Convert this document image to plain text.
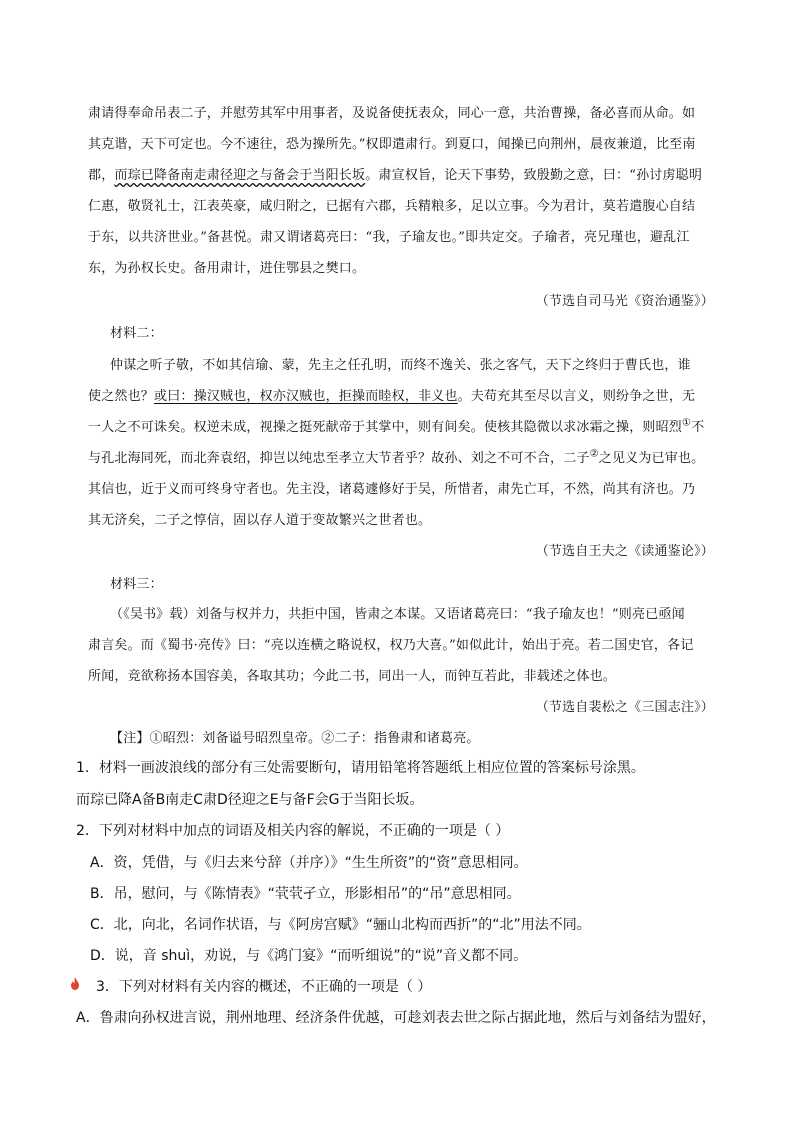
肃请得奉命吊表二子，并慰劳其军中用事者，及说备使抚表众，同心一意，共治曹操，备必喜而从命。如
其克谐，天下可定也。今不速往，恐为操所先。”权即遣肃行。到夏口，闻操已向荆州，晨夜兼道，比至南
郡，而琮已降备南走肃径迎之与备会于当阳长坂。肃宣权旨，论天下事势，致殷勤之意，曰：“孙讨虏聪明
仁惠，敬贤礼士，江表英豪，咸归附之，已据有六郡，兵精粮多，足以立事。今为君计，莫若遣腹心自结
于东，以共济世业。”备甚悦。肃又谓诸葛亮曰：“我，子瑜友也。”即共定交。子瑜者，亮兄瑾也，避乱江
东，为孙权长史。备用肃计，进住鄂县之樊口。
（节选自司马光《资治通鉴》）
材料二：
仲谋之听子敬，不如其信瑜、蒙，先主之任孔明，而终不逸关、张之客气，天下之终归于曹氏也，谁
使之然也？或曰：操汉贼也，权亦汉贼也，拒操而睦权，非义也。夫苟充其至尽以言义，则纷争之世，无
一人之不可诛矣。权逆未成，视操之挺死献帝于其掌中，则有间矣。使核其隐微以求冰霜之操，则昭烈①不
与孔北海同死，而北奔袁绍，抑岂以纯忠至孝立大节者乎？故孙、刘之不可不合，二子②之见义为已审也。
其信也，近于义而可终身守者也。先主没，诸葛遽修好于吴，所惜者，肃先亡耳，不然，尚其有济也。乃
其无济矣，二子之惇信，固以存人道于变故繁兴之世者也。
（节选自王夫之《读通鉴论》）
材料三：
（《吴书》载）刘备与权并力，共拒中国，皆肃之本谋。又语诸葛亮曰：“我子瑜友也！”则亮已亟闻
肃言矣。而《蜀书·亮传》曰：“亮以连横之略说权，权乃大喜。”如似此计，始出于亮。若二国史官，各记
所闻，竞欲称扬本国容美，各取其功；今此二书，同出一人，而钟互若此，非载述之体也。
（节选自裴松之《三国志注》）
【注】①昭烈：刘备谥号昭烈皇帝。②二子：指鲁肃和诸葛亮。
1．材料一画波浪线的部分有三处需要断句，请用铅笔将答题纸上相应位置的答案标号涂黑。
而琮已降A备B南走C肃D径迎之E与备F会G于当阳长坂。
2．下列对材料中加点的词语及相关内容的解说，不正确的一项是（ ）
A．资，凭借，与《归去来兮辞（并序）》“生生所资”的“资”意思相同。
B．吊，慰问，与《陈情表》“茕茕孑立，形影相吊”的“吊”意思相同。
C．北，向北，名词作状语，与《阿房宫赋》“骊山北构而西折”的“北”用法不同。
D．说，音 shuì，劝说，与《鸿门宴》“而听细说”的“说”音义都不同。
3．下列对材料有关内容的概述，不正确的一项是（ ）
A．鲁肃向孙权进言说，荆州地理、经济条件优越，可趁刘表去世之际占据此地，然后与刘备结为盟好，
